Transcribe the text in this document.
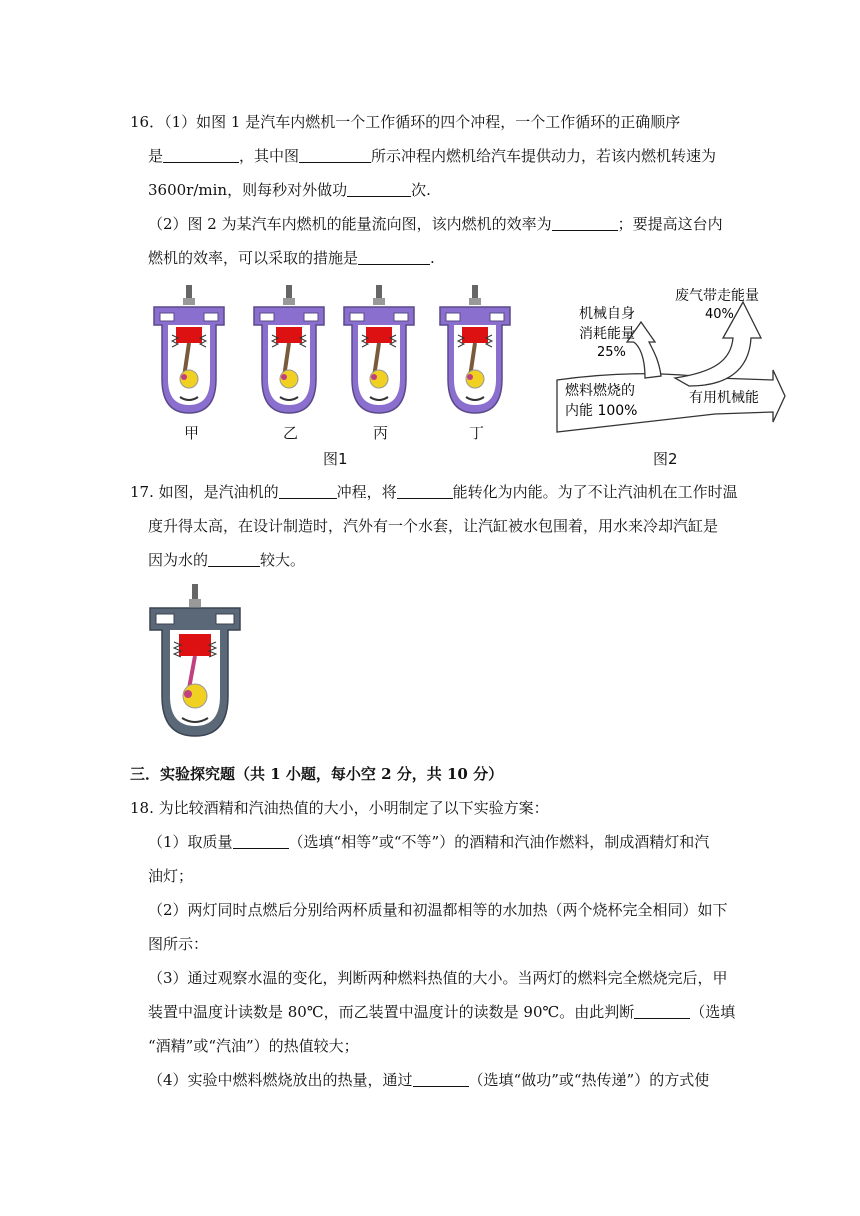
16．（1）如图 1 是汽车内燃机一个工作循环的四个冲程，一个工作循环的正确顺序
是	，其中图	所示冲程内燃机给汽车提供动力，若该内燃机转速为
3600r/min，则每秒对外做功	次.
（2）图 2 为某汽车内燃机的能量流向图，该内燃机的效率为	；要提高这台内
燃机的效率，可以采取的措施是	.
甲	乙	丙	丁
图1
燃料燃烧的
内能 100%
机械自身
消耗能量
25%
废气带走能量
40%
有用机械能
图2
17. 如图，是汽油机的	冲程，将	能转化为内能。为了不让汽油机在工作时温
度升得太高，在设计制造时，汽外有一个水套，让汽缸被水包围着，用水来冷却汽缸是
因为水的	较大。
三．实验探究题（共 1 小题，每小空 2 分，共 10 分）
18. 为比较酒精和汽油热值的大小，小明制定了以下实验方案：
（1）取质量	（选填“相等”或“不等”）的酒精和汽油作燃料，制成酒精灯和汽
油灯；
（2）两灯同时点燃后分别给两杯质量和初温都相等的水加热（两个烧杯完全相同）如下
图所示：
（3）通过观察水温的变化，判断两种燃料热值的大小。当两灯的燃料完全燃烧完后，甲
装置中温度计读数是 80℃，而乙装置中温度计的读数是 90℃。由此判断	（选填
“酒精”或“汽油”）的热值较大；
（4）实验中燃料燃烧放出的热量，通过	（选填“做功”或“热传递”）的方式使
